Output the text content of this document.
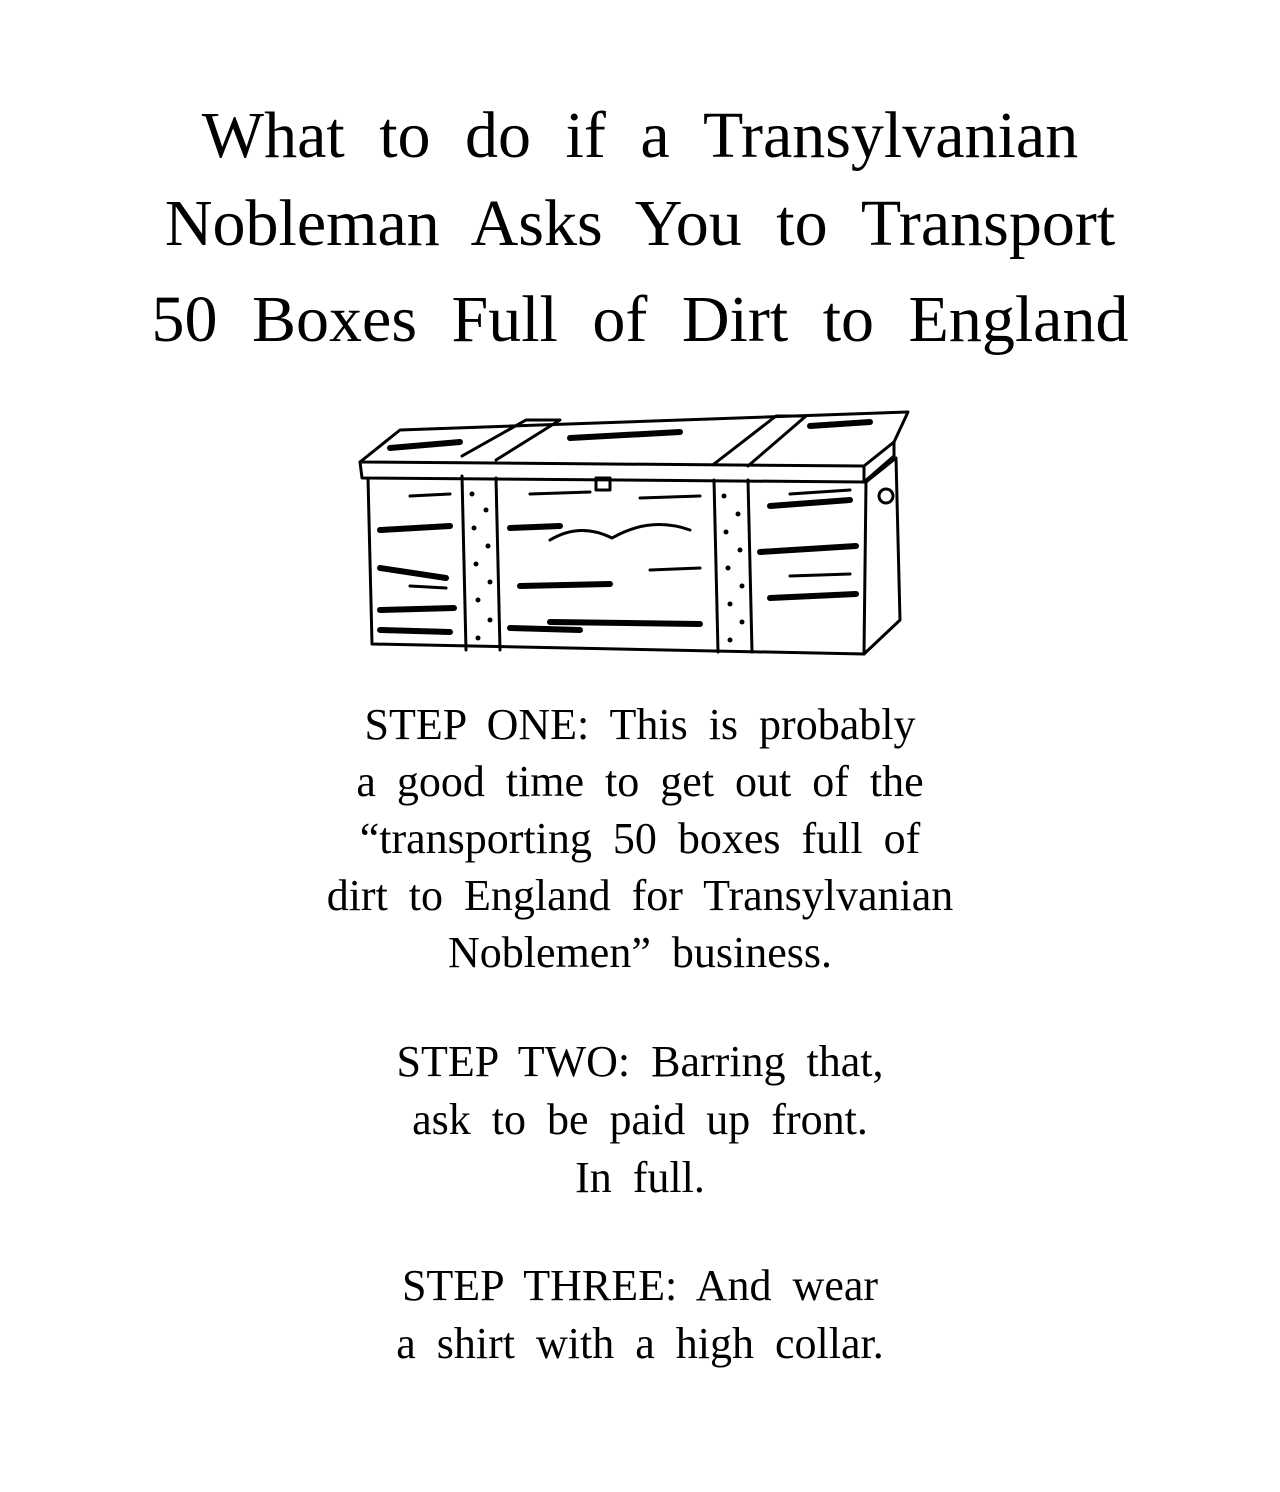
What to do if a Transylvanian
Nobleman Asks You to Transport
50 Boxes Full of Dirt to England
STEP ONE: This is probably
a good time to get out of the
“transporting 50 boxes full of
dirt to England for Transylvanian
Noblemen” business.
STEP TWO: Barring that,
ask to be paid up front.
In full.
STEP THREE: And wear
a shirt with a high collar.
